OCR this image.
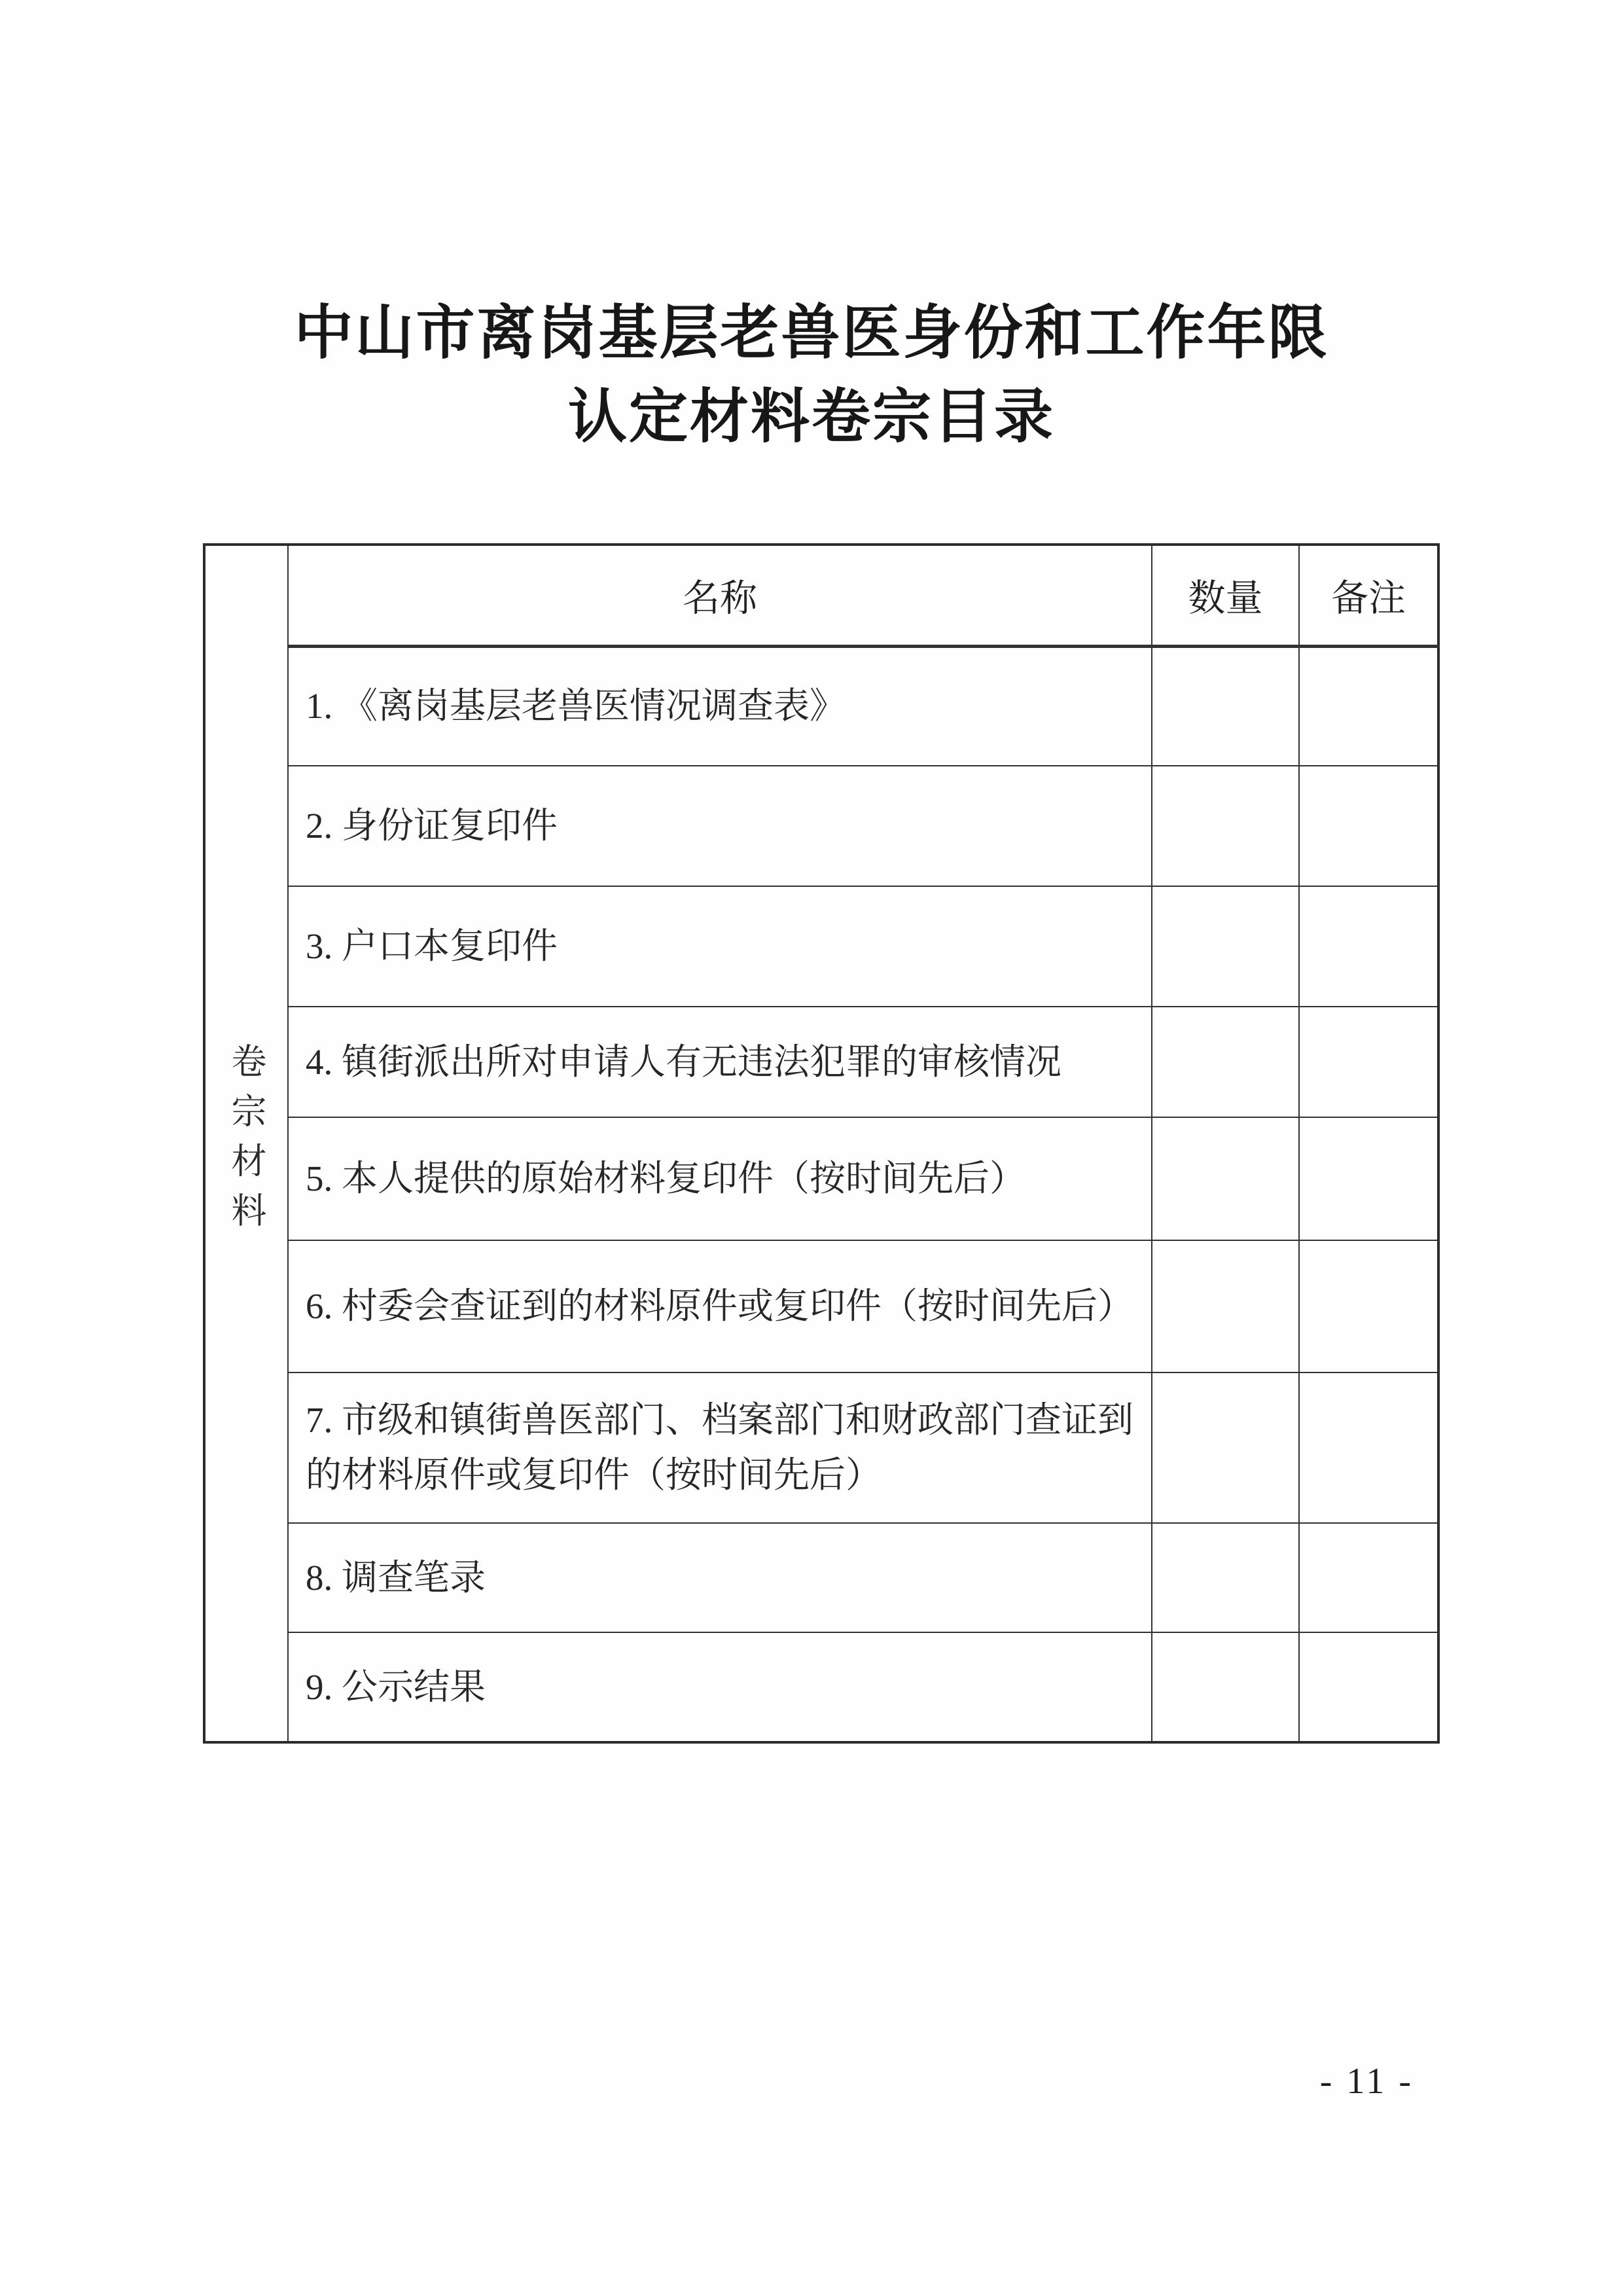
中山市离岗基层老兽医身份和工作年限
认定材料卷宗目录
卷宗材料	名称	数量	备注
	1. 《离岗基层老兽医情况调查表》		
	2. 身份证复印件		
	3. 户口本复印件		
	4. 镇街派出所对申请人有无违法犯罪的审核情况		
	5. 本人提供的原始材料复印件（按时间先后）		
	6. 村委会查证到的材料原件或复印件（按时间先后）		
	7. 市级和镇街兽医部门、档案部门和财政部门查证到的材料原件或复印件（按时间先后）		
	8. 调查笔录		
	9. 公示结果		
- 11 -
